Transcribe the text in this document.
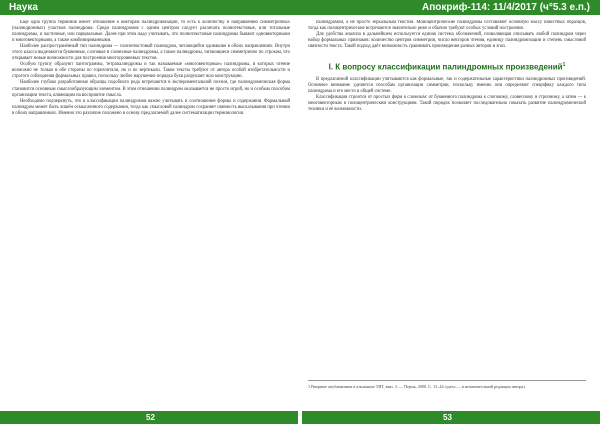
Наука	Апокриф-114: 11/4/2017 (ч°5.3 е.п.)

Ещё одна группа терминов имеет отношение к векторам палиндромизации, то есть к количеству и направлению симметричных (палиндромных) участков палиндрома. Среди палиндромов с одним центром следует различать полнотекстовые, или тотальные палиндромы, и частичные, или парциальные. Далее при этом надо учитывать, что полнотекстовые палиндромы бывают одновекторными и многовекторными, а также комбинированными.

Наиболее распространённый тип палиндрома — полнотекстовый палиндром, читающийся одинаково в обоих направлениях. Внутри этого класса выделяются буквенные, слоговые и словесные палиндромы, а также палиндромы, читающиеся симметрично по строкам, что открывает новые возможности для построения многоуровневых текстов.

Особую группу образуют пантограммы, тетрапалиндромы и так называемые «многовекторные» палиндромы, в которых чтение возможно не только в обе стороны по горизонтали, но и по вертикали. Такие тексты требуют от автора особой изобретательности и строгого соблюдения формальных правил, поскольку любое нарушение порядка букв разрушает всю конструкцию.

Наиболее глубоко разработанные образцы подобного рода встречаются в экспериментальной поэзии, где палиндромическая форма становится основным смыслообразующим элементом. В этом отношении палиндром оказывается не просто игрой, но и особым способом организации текста, влияющим на восприятие смысла.

Необходимо подчеркнуть, что в классификации палиндромов важно учитывать и соотношение формы и содержания. Формальный палиндром может быть лишён осмысленного содержания, тогда как смысловой палиндром сохраняет связность высказывания при чтении в обоих направлениях. Именно это различие положено в основу предлагаемой далее систематизации терминологии.

палиндромом, а не просто зеркальным текстом. Моноцентрические палиндромы составляют основную массу известных образцов, тогда как полицентрические встречаются значительно реже и обычно требуют особых условий построения.

Для удобства анализа в дальнейшем используется единая система обозначений, позволяющая описывать любой палиндром через набор формальных признаков: количество центров симметрии, число векторов чтения, единицу палиндромизации и степень смысловой связности текста. Такой подход даёт возможность сравнивать произведения разных авторов и эпох.

I. К вопросу классификации палиндромных произведений$^1$

В предлагаемой классификации учитываются как формальные, так и содержательные характеристики палиндромных произведений. Основное внимание уделяется способам организации симметрии, поскольку именно они определяют специфику каждого типа палиндрома и его место в общей системе.

Классификация строится от простых форм к сложным: от буквенного палиндрома к слоговому, словесному и строчному, а затем — к многовекторным и полицентрическим конструкциям. Такой порядок позволяет последовательно показать развитие палиндромической техники и её возможности.

1 Впервые опубликована в альманахе ТИТ, вып. 3. — Пермь, 2000. С. 13–44 (здесь — в незначительной редакции автора).
52	53
